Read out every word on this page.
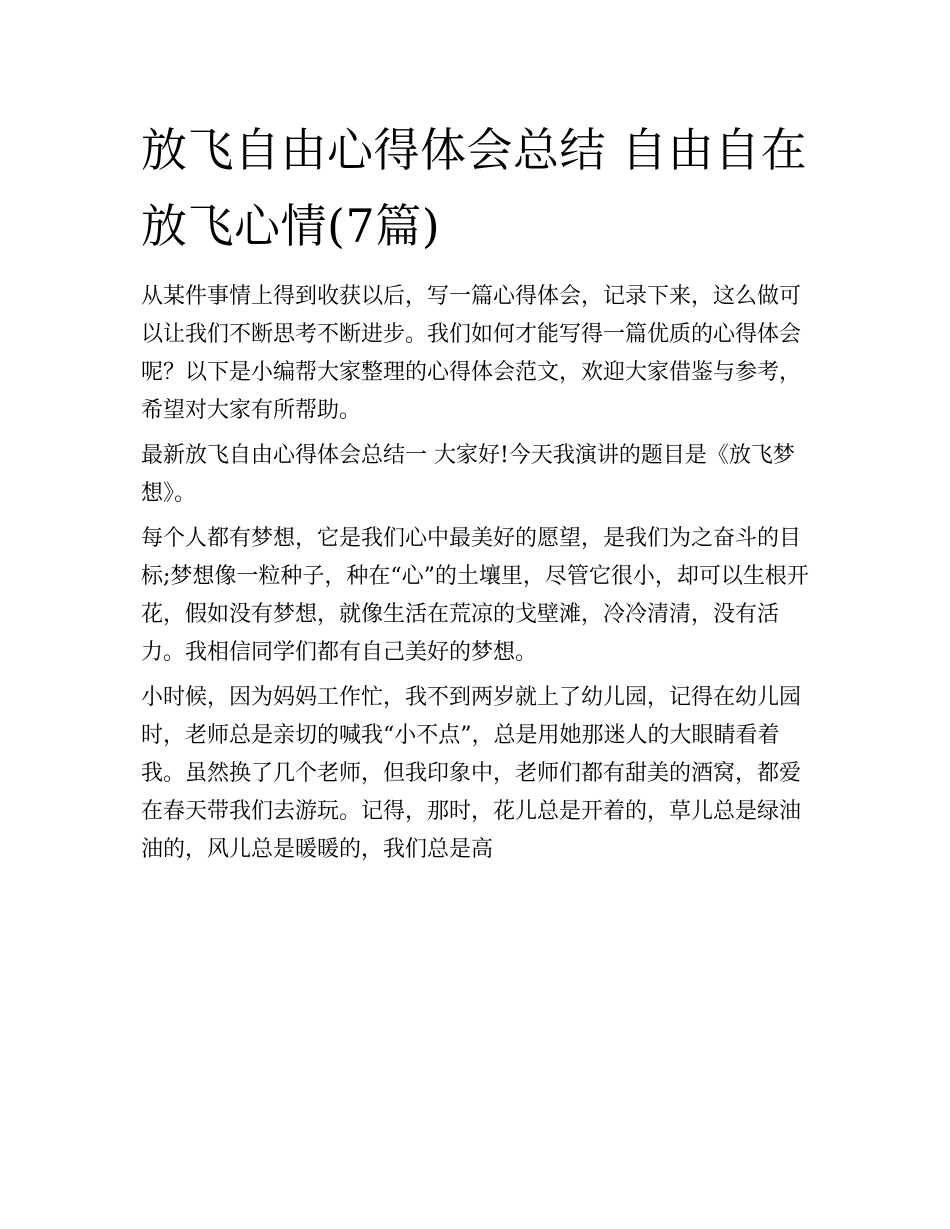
放飞自由心得体会总结 自由自在放飞心情(7篇)

从某件事情上得到收获以后，写一篇心得体会，记录下来，这么做可以让我们不断思考不断进步。我们如何才能写得一篇优质的心得体会呢？以下是小编帮大家整理的心得体会范文，欢迎大家借鉴与参考，希望对大家有所帮助。

最新放飞自由心得体会总结一 大家好!今天我演讲的题目是《放飞梦想》。

每个人都有梦想，它是我们心中最美好的愿望，是我们为之奋斗的目标;梦想像一粒种子，种在“心”的土壤里，尽管它很小，却可以生根开花，假如没有梦想，就像生活在荒凉的戈壁滩，冷冷清清，没有活力。我相信同学们都有自己美好的梦想。

小时候，因为妈妈工作忙，我不到两岁就上了幼儿园，记得在幼儿园时，老师总是亲切的喊我“小不点”，总是用她那迷人的大眼睛看着我。虽然换了几个老师，但我印象中，老师们都有甜美的酒窝，都爱在春天带我们去游玩。记得，那时，花儿总是开着的，草儿总是绿油油的，风儿总是暖暖的，我们总是高
